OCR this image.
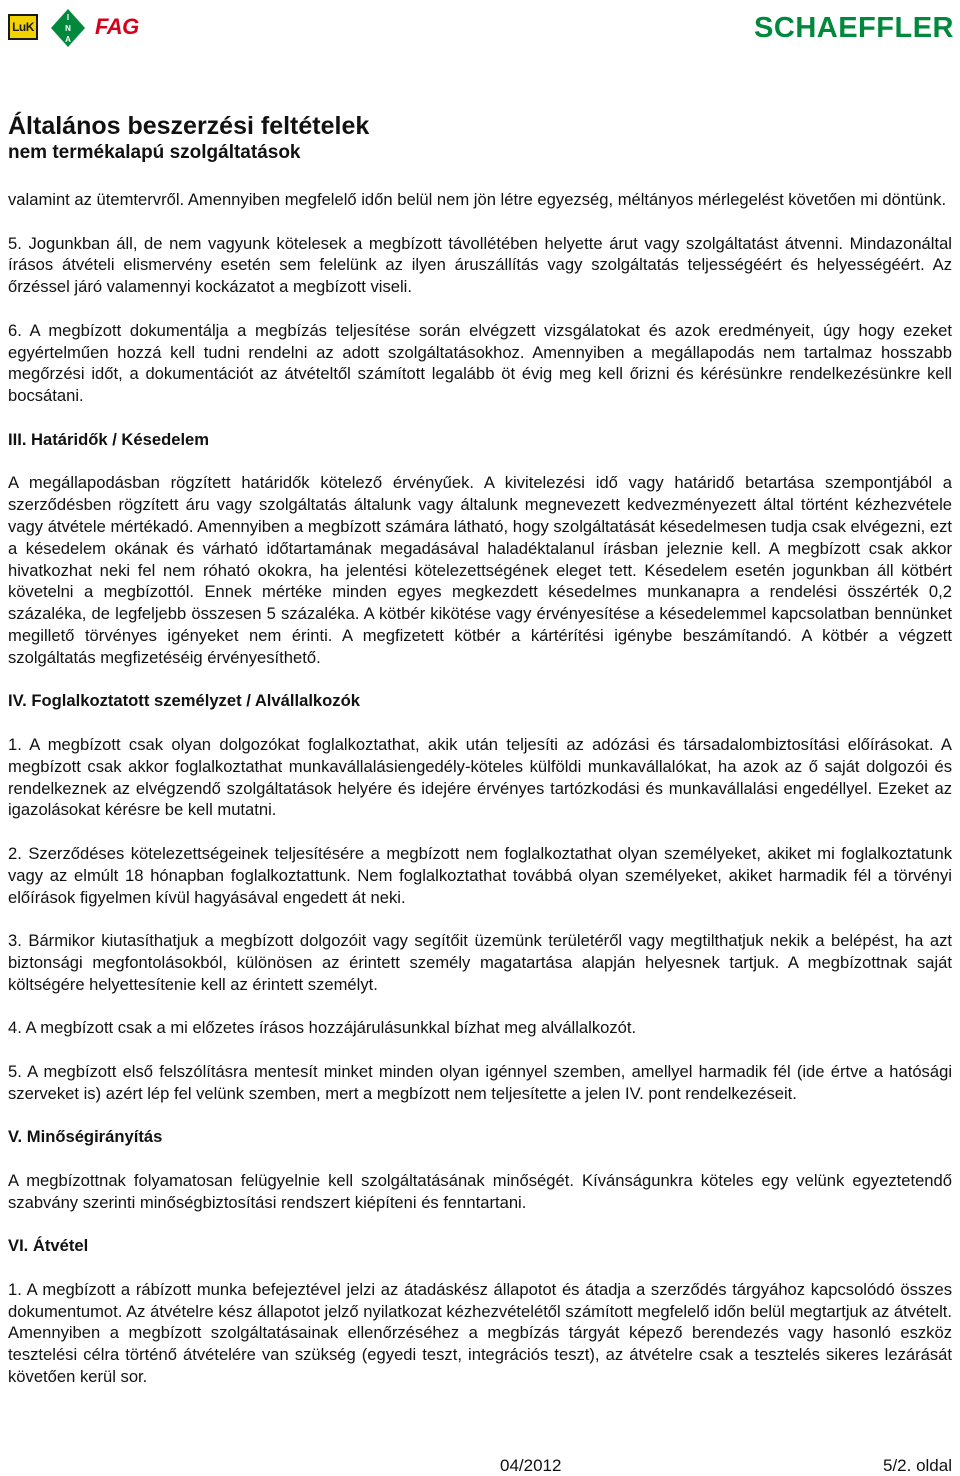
LuK
I
N
A
FAG	SCHAEFFLER
Általános beszerzési feltételek
nem termékalapú szolgáltatások

valamint az ütemtervről. Amennyiben megfelelő időn belül nem jön létre egyezség, méltányos mérlegelést követően mi döntünk.

5. Jogunkban áll, de nem vagyunk kötelesek a megbízott távollétében helyette árut vagy szolgáltatást átvenni. Mindazonáltal írásos átvételi elismervény esetén sem felelünk az ilyen áruszállítás vagy szolgáltatás teljességéért és helyességéért. Az őrzéssel járó valamennyi kockázatot a megbízott viseli.

6. A megbízott dokumentálja a megbízás teljesítése során elvégzett vizsgálatokat és azok eredményeit, úgy hogy ezeket egyértelműen hozzá kell tudni rendelni az adott szolgáltatásokhoz. Amennyiben a megállapodás nem tartalmaz hosszabb megőrzési időt, a dokumentációt az átvételtől számított legalább öt évig meg kell őrizni és kérésünkre rendelkezésünkre kell bocsátani.

III. Határidők / Késedelem

A megállapodásban rögzített határidők kötelező érvényűek. A kivitelezési idő vagy határidő betartása szempontjából a szerződésben rögzített áru vagy szolgáltatás általunk vagy általunk megnevezett kedvezményezett által történt kézhezvétele vagy átvétele mértékadó. Amennyiben a megbízott számára látható, hogy szolgáltatását késedelmesen tudja csak elvégezni, ezt a késedelem okának és várható időtartamának megadásával haladéktalanul írásban jeleznie kell. A megbízott csak akkor hivatkozhat neki fel nem róható okokra, ha jelentési kötelezettségének eleget tett. Késedelem esetén jogunkban áll kötbért követelni a megbízottól. Ennek mértéke minden egyes megkezdett késedelmes munkanapra a rendelési összérték 0,2 százaléka, de legfeljebb összesen 5 százaléka. A kötbér kikötése vagy érvényesítése a késedelemmel kapcsolatban bennünket megillető törvényes igényeket nem érinti. A megfizetett kötbér a kártérítési igénybe beszámítandó. A kötbér a végzett szolgáltatás megfizetéséig érvényesíthető.

IV. Foglalkoztatott személyzet / Alvállalkozók

1. A megbízott csak olyan dolgozókat foglalkoztathat, akik után teljesíti az adózási és társadalombiztosítási előírásokat. A megbízott csak akkor foglalkoztathat munkavállalásiengedély-köteles külföldi munkavállalókat, ha azok az ő saját dolgozói és rendelkeznek az elvégzendő szolgáltatások helyére és idejére érvényes tartózkodási és munkavállalási engedéllyel. Ezeket az igazolásokat kérésre be kell mutatni.

2. Szerződéses kötelezettségeinek teljesítésére a megbízott nem foglalkoztathat olyan személyeket, akiket mi foglalkoztatunk vagy az elmúlt 18 hónapban foglalkoztattunk. Nem foglalkoztathat továbbá olyan személyeket, akiket harmadik fél a törvényi előírások figyelmen kívül hagyásával engedett át neki.

3. Bármikor kiutasíthatjuk a megbízott dolgozóit vagy segítőit üzemünk területéről vagy megtilthatjuk nekik a belépést, ha azt biztonsági megfontolásokból, különösen az érintett személy magatartása alapján helyesnek tartjuk. A megbízottnak saját költségére helyettesítenie kell az érintett személyt.

4. A megbízott csak a mi előzetes írásos hozzájárulásunkkal bízhat meg alvállalkozót.

5. A megbízott első felszólításra mentesít minket minden olyan igénnyel szemben, amellyel harmadik fél (ide értve a hatósági szerveket is) azért lép fel velünk szemben, mert a megbízott nem teljesítette a jelen IV. pont rendelkezéseit.

V. Minőségirányítás

A megbízottnak folyamatosan felügyelnie kell szolgáltatásának minőségét. Kívánságunkra köteles egy velünk egyeztetendő szabvány szerinti minőségbiztosítási rendszert kiépíteni és fenntartani.

VI. Átvétel

1. A megbízott a rábízott munka befejeztével jelzi az átadáskész állapotot és átadja a szerződés tárgyához kapcsolódó összes dokumentumot. Az átvételre kész állapotot jelző nyilatkozat kézhezvételétől számított megfelelő időn belül megtartjuk az átvételt. Amennyiben a megbízott szolgáltatásainak ellenőrzéséhez a megbízás tárgyát képező berendezés vagy hasonló eszköz tesztelési célra történő átvételére van szükség (egyedi teszt, integrációs teszt), az átvételre csak a tesztelés sikeres lezárását követően kerül sor.

04/2012	5/2. oldal
